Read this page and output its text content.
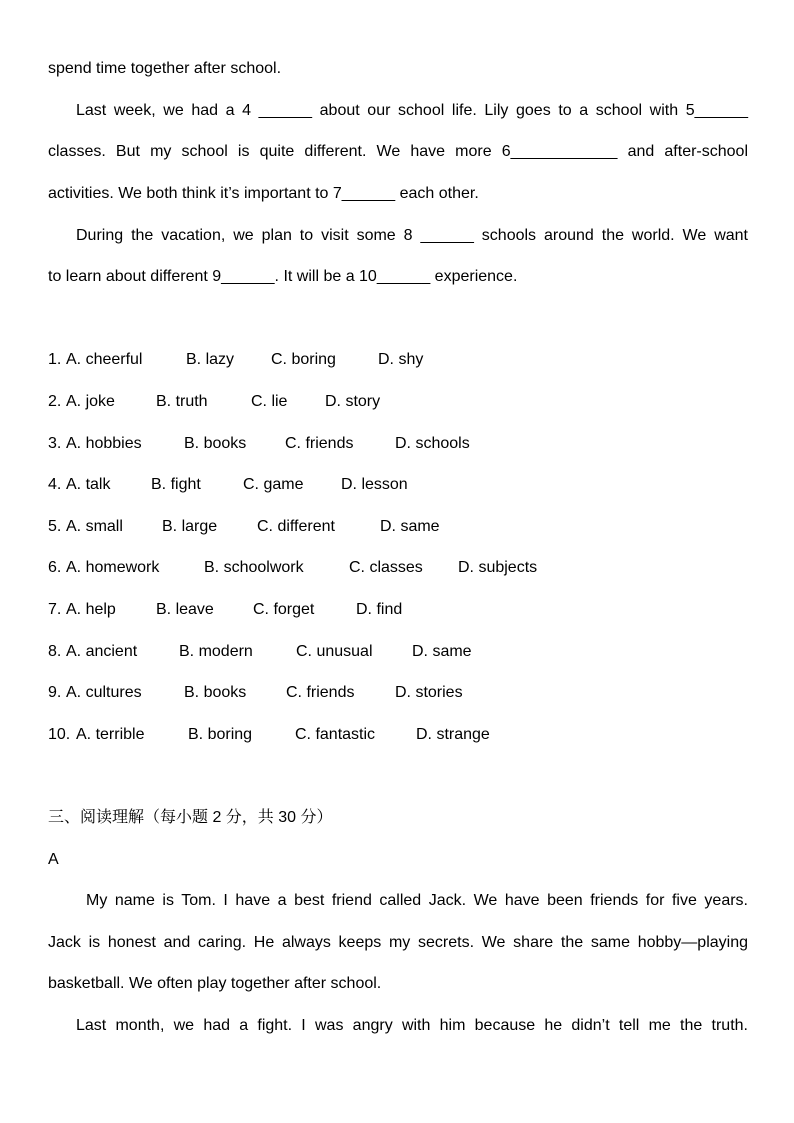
spend time together after school.
Last week, we had a 4 ______ about our school life. Lily goes to a school with 5______
classes. But my school is quite different. We have more 6____________ and after-school
activities. We both think it’s important to 7______ each other.
During the vacation, we plan to visit some 8 ______ schools around the world. We want
to learn about different 9______. It will be a 10______ experience.
1. A. cheerful	B. lazy C. boring	D. shy
2. A. joke	B. truth	C. lie D. story
3. A. hobbies	B. books C. friends	D. schools
4. A. talk	B. fight	C. game D. lesson
5. A. small B. large C. different	D. same
6. A. homework	B. schoolwork	C. classes D. subjects
7. A. help	B. leave C. forget	D. find
8. A. ancient	B. modern	C. unusual D. same
9. A. cultures	B. books C. friends	D. stories
10. A. terrible	B. boring	C. fantastic	D. strange
三、阅读理解（每小题 2 分，共 30 分）
A
My name is Tom. I have a best friend called Jack. We have been friends for five years.
Jack is honest and caring. He always keeps my secrets. We share the same hobby—playing
basketball. We often play together after school.
Last month, we had a fight. I was angry with him because he didn’t tell me the truth.
